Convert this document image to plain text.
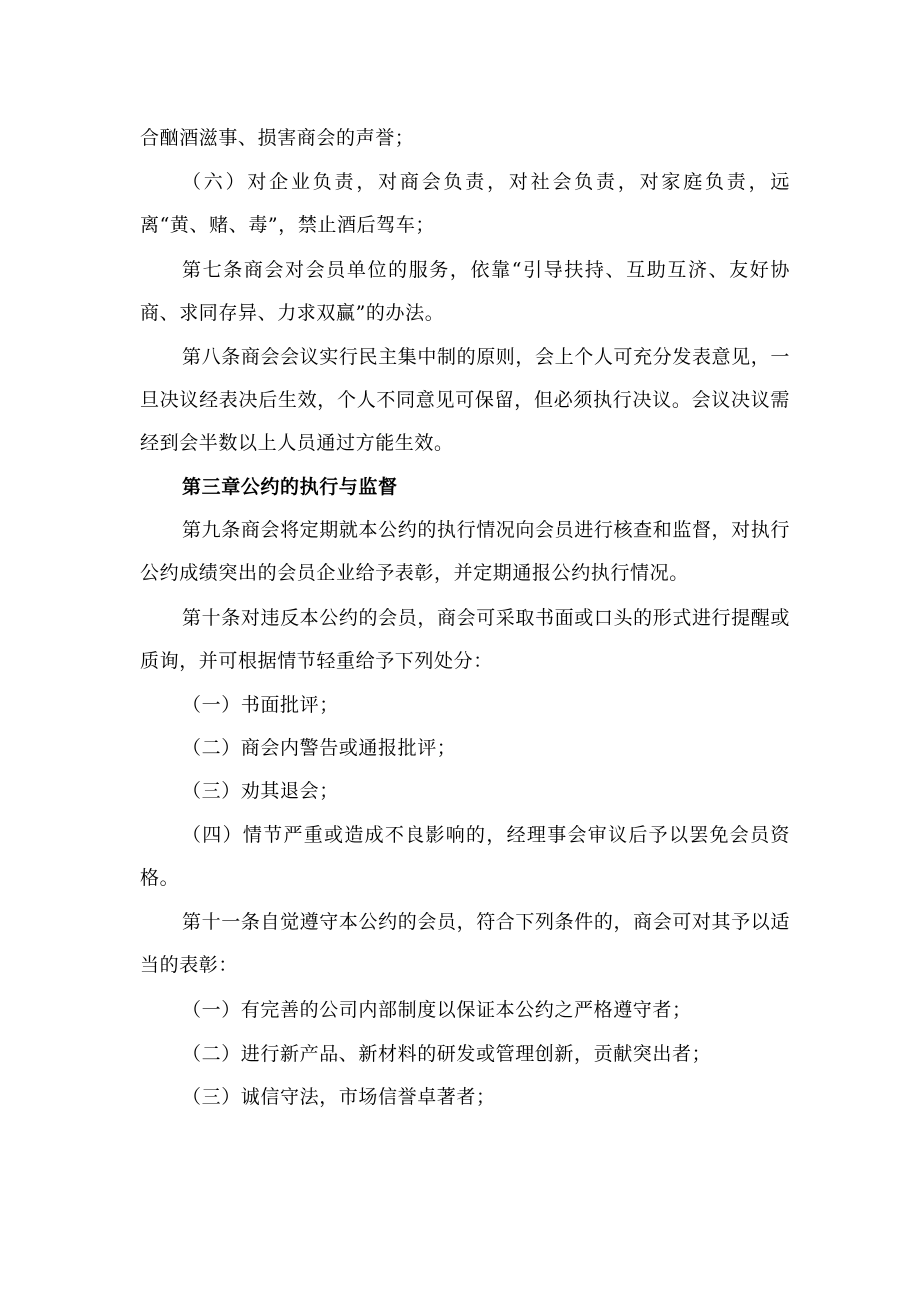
合酗酒滋事、损害商会的声誉；

（六）对企业负责，对商会负责，对社会负责，对家庭负责，远离“黄、赌、毒”，禁止酒后驾车；

第七条商会对会员单位的服务，依靠“引导扶持、互助互济、友好协商、求同存异、力求双赢”的办法。

第八条商会会议实行民主集中制的原则，会上个人可充分发表意见，一旦决议经表决后生效，个人不同意见可保留，但必须执行决议。会议决议需经到会半数以上人员通过方能生效。

第三章公约的执行与监督

第九条商会将定期就本公约的执行情况向会员进行核查和监督，对执行公约成绩突出的会员企业给予表彰，并定期通报公约执行情况。

第十条对违反本公约的会员，商会可采取书面或口头的形式进行提醒或质询，并可根据情节轻重给予下列处分：

（一）书面批评；

（二）商会内警告或通报批评；

（三）劝其退会；

（四）情节严重或造成不良影响的，经理事会审议后予以罢免会员资格。

第十一条自觉遵守本公约的会员，符合下列条件的，商会可对其予以适当的表彰：

（一）有完善的公司内部制度以保证本公约之严格遵守者；

（二）进行新产品、新材料的研发或管理创新，贡献突出者；

（三）诚信守法，市场信誉卓著者；
